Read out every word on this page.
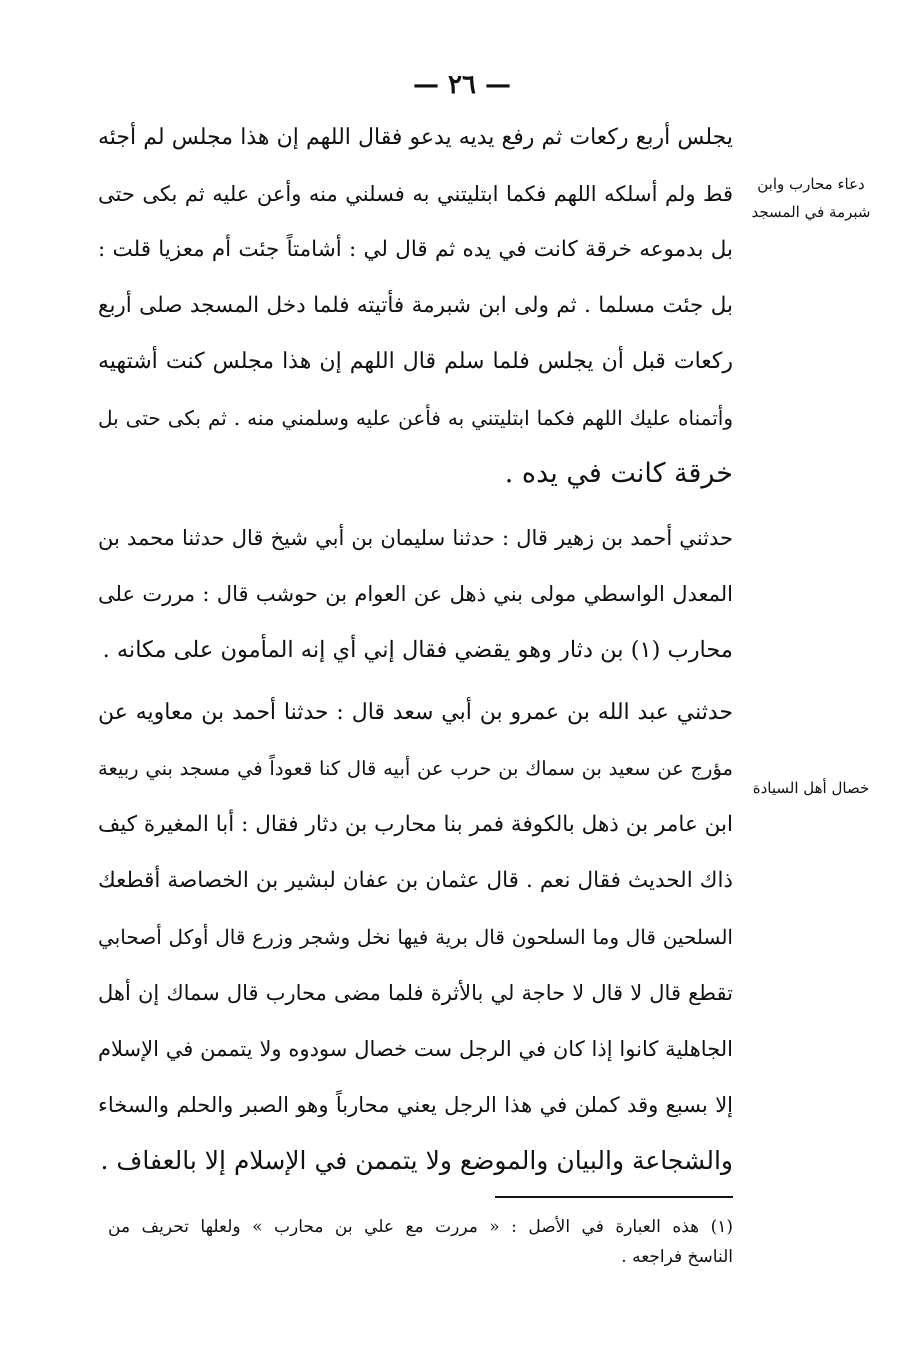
— ٢٦ —
دعاء محارب وابن شبرمة في المسجد
خصال أهل السيادة
يجلس أربع ركعات ثم رفع يديه يدعو فقال اللهم إن هذا مجلس لم أجئه
قط ولم أسلكه اللهم فكما ابتليتني به فسلني منه وأعن عليه ثم بكى حتى
بل بدموعه خرقة كانت في يده ثم قال لي : أشامتاً جئت أم معزيا قلت :
بل جئت مسلما . ثم ولى ابن شبرمة فأتيته فلما دخل المسجد صلى أربع
ركعات قبل أن يجلس فلما سلم قال اللهم إن هذا مجلس كنت أشتهيه
وأتمناه عليك اللهم فكما ابتليتني به فأعن عليه وسلمني منه . ثم بكى حتى بل
خرقة كانت في يده .
حدثني أحمد بن زهير قال : حدثنا سليمان بن أبي شيخ قال حدثنا محمد بن
المعدل الواسطي مولى بني ذهل عن العوام بن حوشب قال : مررت على
محارب (١) بن دثار وهو يقضي فقال إني أي إنه المأمون على مكانه .
حدثني عبد الله بن عمرو بن أبي سعد قال : حدثنا أحمد بن معاويه عن
مؤرج عن سعيد بن سماك بن حرب عن أبيه قال كنا قعوداً في مسجد بني ربيعة
ابن عامر بن ذهل بالكوفة فمر بنا محارب بن دثار فقال : أبا المغيرة كيف
ذاك الحديث فقال نعم . قال عثمان بن عفان لبشير بن الخصاصة أقطعك
السلحين قال وما السلحون قال برية فيها نخل وشجر وزرع قال أوكل أصحابي
تقطع قال لا قال لا حاجة لي بالأثرة فلما مضى محارب قال سماك إن أهل
الجاهلية كانوا إذا كان في الرجل ست خصال سودوه ولا يتممن في الإسلام
إلا بسبع وقد كملن في هذا الرجل يعني محارباً وهو الصبر والحلم والسخاء
والشجاعة والبيان والموضع ولا يتممن في الإسلام إلا بالعفاف .
(١) هذه العبارة في الأصل : « مررت مع علي بن محارب » ولعلها تحريف من
الناسخ فراجعه .
